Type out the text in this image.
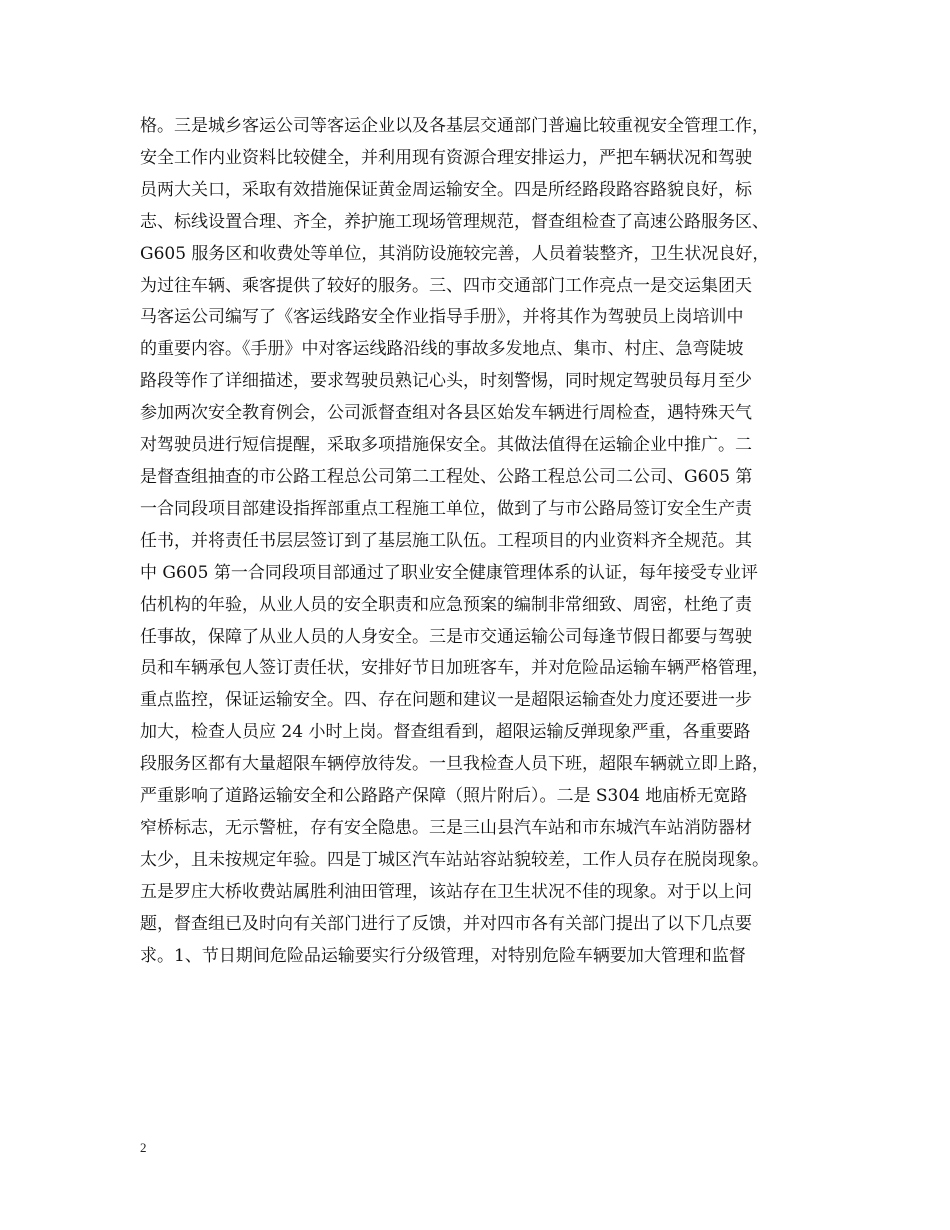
格。三是城乡客运公司等客运企业以及各基层交通部门普遍比较重视安全管理工作，
安全工作内业资料比较健全，并利用现有资源合理安排运力，严把车辆状况和驾驶
员两大关口，采取有效措施保证黄金周运输安全。四是所经路段路容路貌良好，标
志、标线设置合理、齐全，养护施工现场管理规范，督查组检查了高速公路服务区、
G605 服务区和收费处等单位，其消防设施较完善，人员着装整齐，卫生状况良好，
为过往车辆、乘客提供了较好的服务。三、四市交通部门工作亮点一是交运集团天
马客运公司编写了《客运线路安全作业指导手册》，并将其作为驾驶员上岗培训中
的重要内容。《手册》中对客运线路沿线的事故多发地点、集市、村庄、急弯陡坡
路段等作了详细描述，要求驾驶员熟记心头，时刻警惕，同时规定驾驶员每月至少
参加两次安全教育例会，公司派督查组对各县区始发车辆进行周检查，遇特殊天气
对驾驶员进行短信提醒，采取多项措施保安全。其做法值得在运输企业中推广。二
是督查组抽查的市公路工程总公司第二工程处、公路工程总公司二公司、G605 第
一合同段项目部建设指挥部重点工程施工单位，做到了与市公路局签订安全生产责
任书，并将责任书层层签订到了基层施工队伍。工程项目的内业资料齐全规范。其
中 G605 第一合同段项目部通过了职业安全健康管理体系的认证，每年接受专业评
估机构的年验，从业人员的安全职责和应急预案的编制非常细致、周密，杜绝了责
任事故，保障了从业人员的人身安全。三是市交通运输公司每逢节假日都要与驾驶
员和车辆承包人签订责任状，安排好节日加班客车，并对危险品运输车辆严格管理，
重点监控，保证运输安全。四、存在问题和建议一是超限运输查处力度还要进一步
加大，检查人员应 24 小时上岗。督查组看到，超限运输反弹现象严重，各重要路
段服务区都有大量超限车辆停放待发。一旦我检查人员下班，超限车辆就立即上路，
严重影响了道路运输安全和公路路产保障（照片附后）。二是 S304 地庙桥无宽路
窄桥标志，无示警桩，存有安全隐患。三是三山县汽车站和市东城汽车站消防器材
太少，且未按规定年验。四是丁城区汽车站站容站貌较差，工作人员存在脱岗现象。
五是罗庄大桥收费站属胜利油田管理，该站存在卫生状况不佳的现象。对于以上问
题，督查组已及时向有关部门进行了反馈，并对四市各有关部门提出了以下几点要
求。1、节日期间危险品运输要实行分级管理，对特别危险车辆要加大管理和监督
2
